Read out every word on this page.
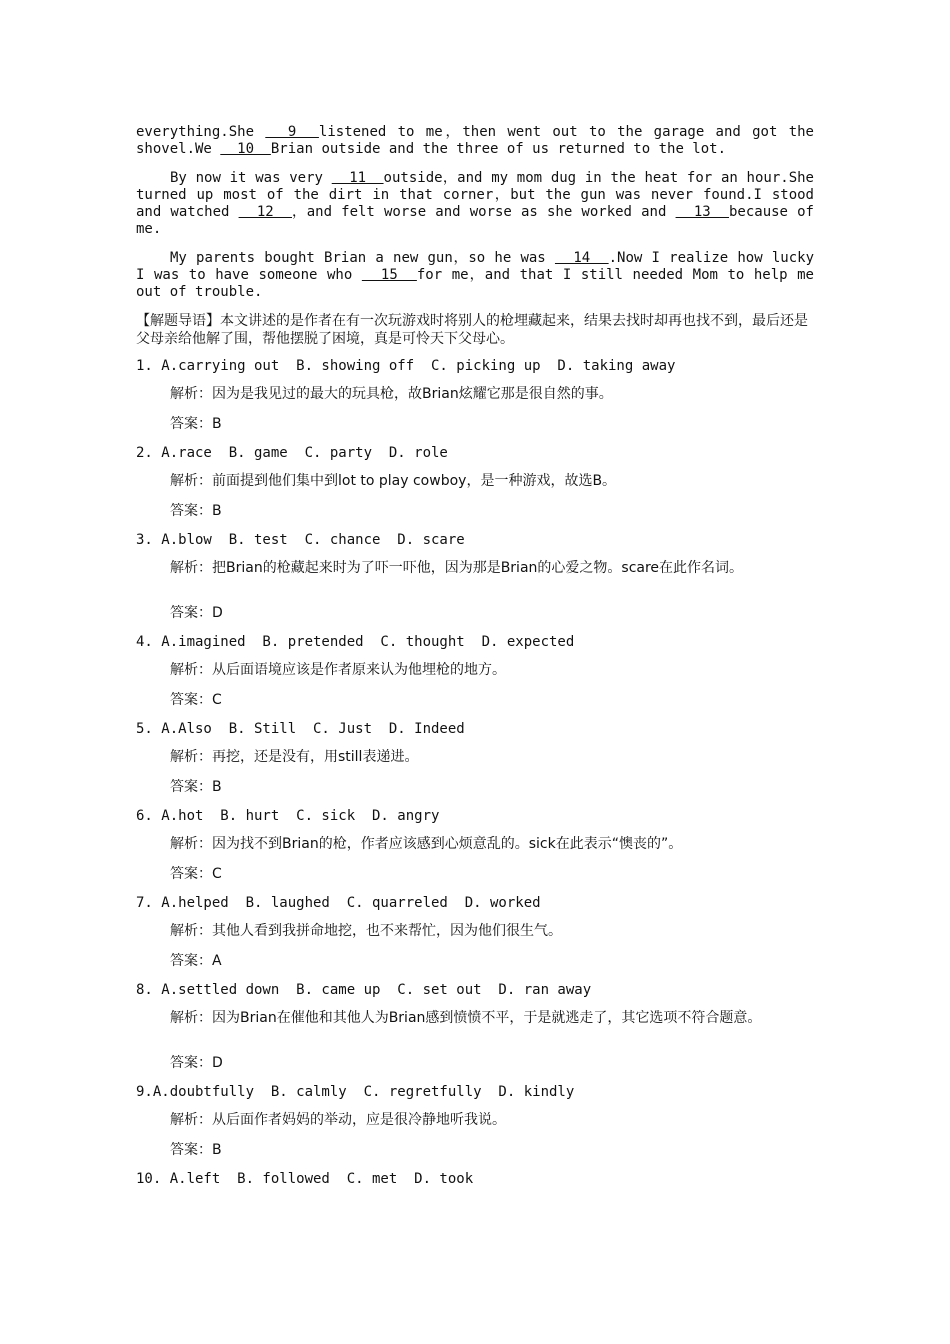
everything.She   9  listened to me，then went out to the garage and got the shovel.We   10  Brian outside and the three of us returned to the lot.

By now it was very   11  outside，and my mom dug in the heat for an hour.She turned up most of the dirt in that corner，but the gun was never found.I stood and watched   12  ，and felt worse and worse as she worked and   13  because of me.

My parents bought Brian a new gun，so he was   14  .Now I realize how lucky I was to have someone who   15  for me，and that I still needed Mom to help me out of trouble.

【解题导语】本文讲述的是作者在有一次玩游戏时将别人的枪埋藏起来，结果去找时却再也找不到，最后还是父母亲给他解了围，帮他摆脱了困境，真是可怜天下父母心。

1. A.carrying out  B. showing off  C. picking up  D. taking away

解析：因为是我见过的最大的玩具枪，故Brian炫耀它那是很自然的事。

答案：B

2. A.race  B. game  C. party  D. role

解析：前面提到他们集中到lot to play cowboy，是一种游戏，故选B。

答案：B

3. A.blow  B. test  C. chance  D. scare

解析：把Brian的枪藏起来时为了吓一吓他，因为那是Brian的心爱之物。scare在此作名词。

答案：D

4. A.imagined  B. pretended  C. thought  D. expected

解析：从后面语境应该是作者原来认为他埋枪的地方。

答案：C

5. A.Also  B. Still  C. Just  D. Indeed

解析：再挖，还是没有，用still表递进。

答案：B

6. A.hot  B. hurt  C. sick  D. angry

解析：因为找不到Brian的枪，作者应该感到心烦意乱的。sick在此表示“懊丧的”。

答案：C

7. A.helped  B. laughed  C. quarreled  D. worked

解析：其他人看到我拼命地挖，也不来帮忙，因为他们很生气。

答案：A

8. A.settled down  B. came up  C. set out  D. ran away

解析：因为Brian在催他和其他人为Brian感到愤愤不平，于是就逃走了，其它选项不符合题意。

答案：D

9.A.doubtfully  B. calmly  C. regretfully  D. kindly

解析：从后面作者妈妈的举动，应是很冷静地听我说。

答案：B

10. A.left  B. followed  C. met  D. took
